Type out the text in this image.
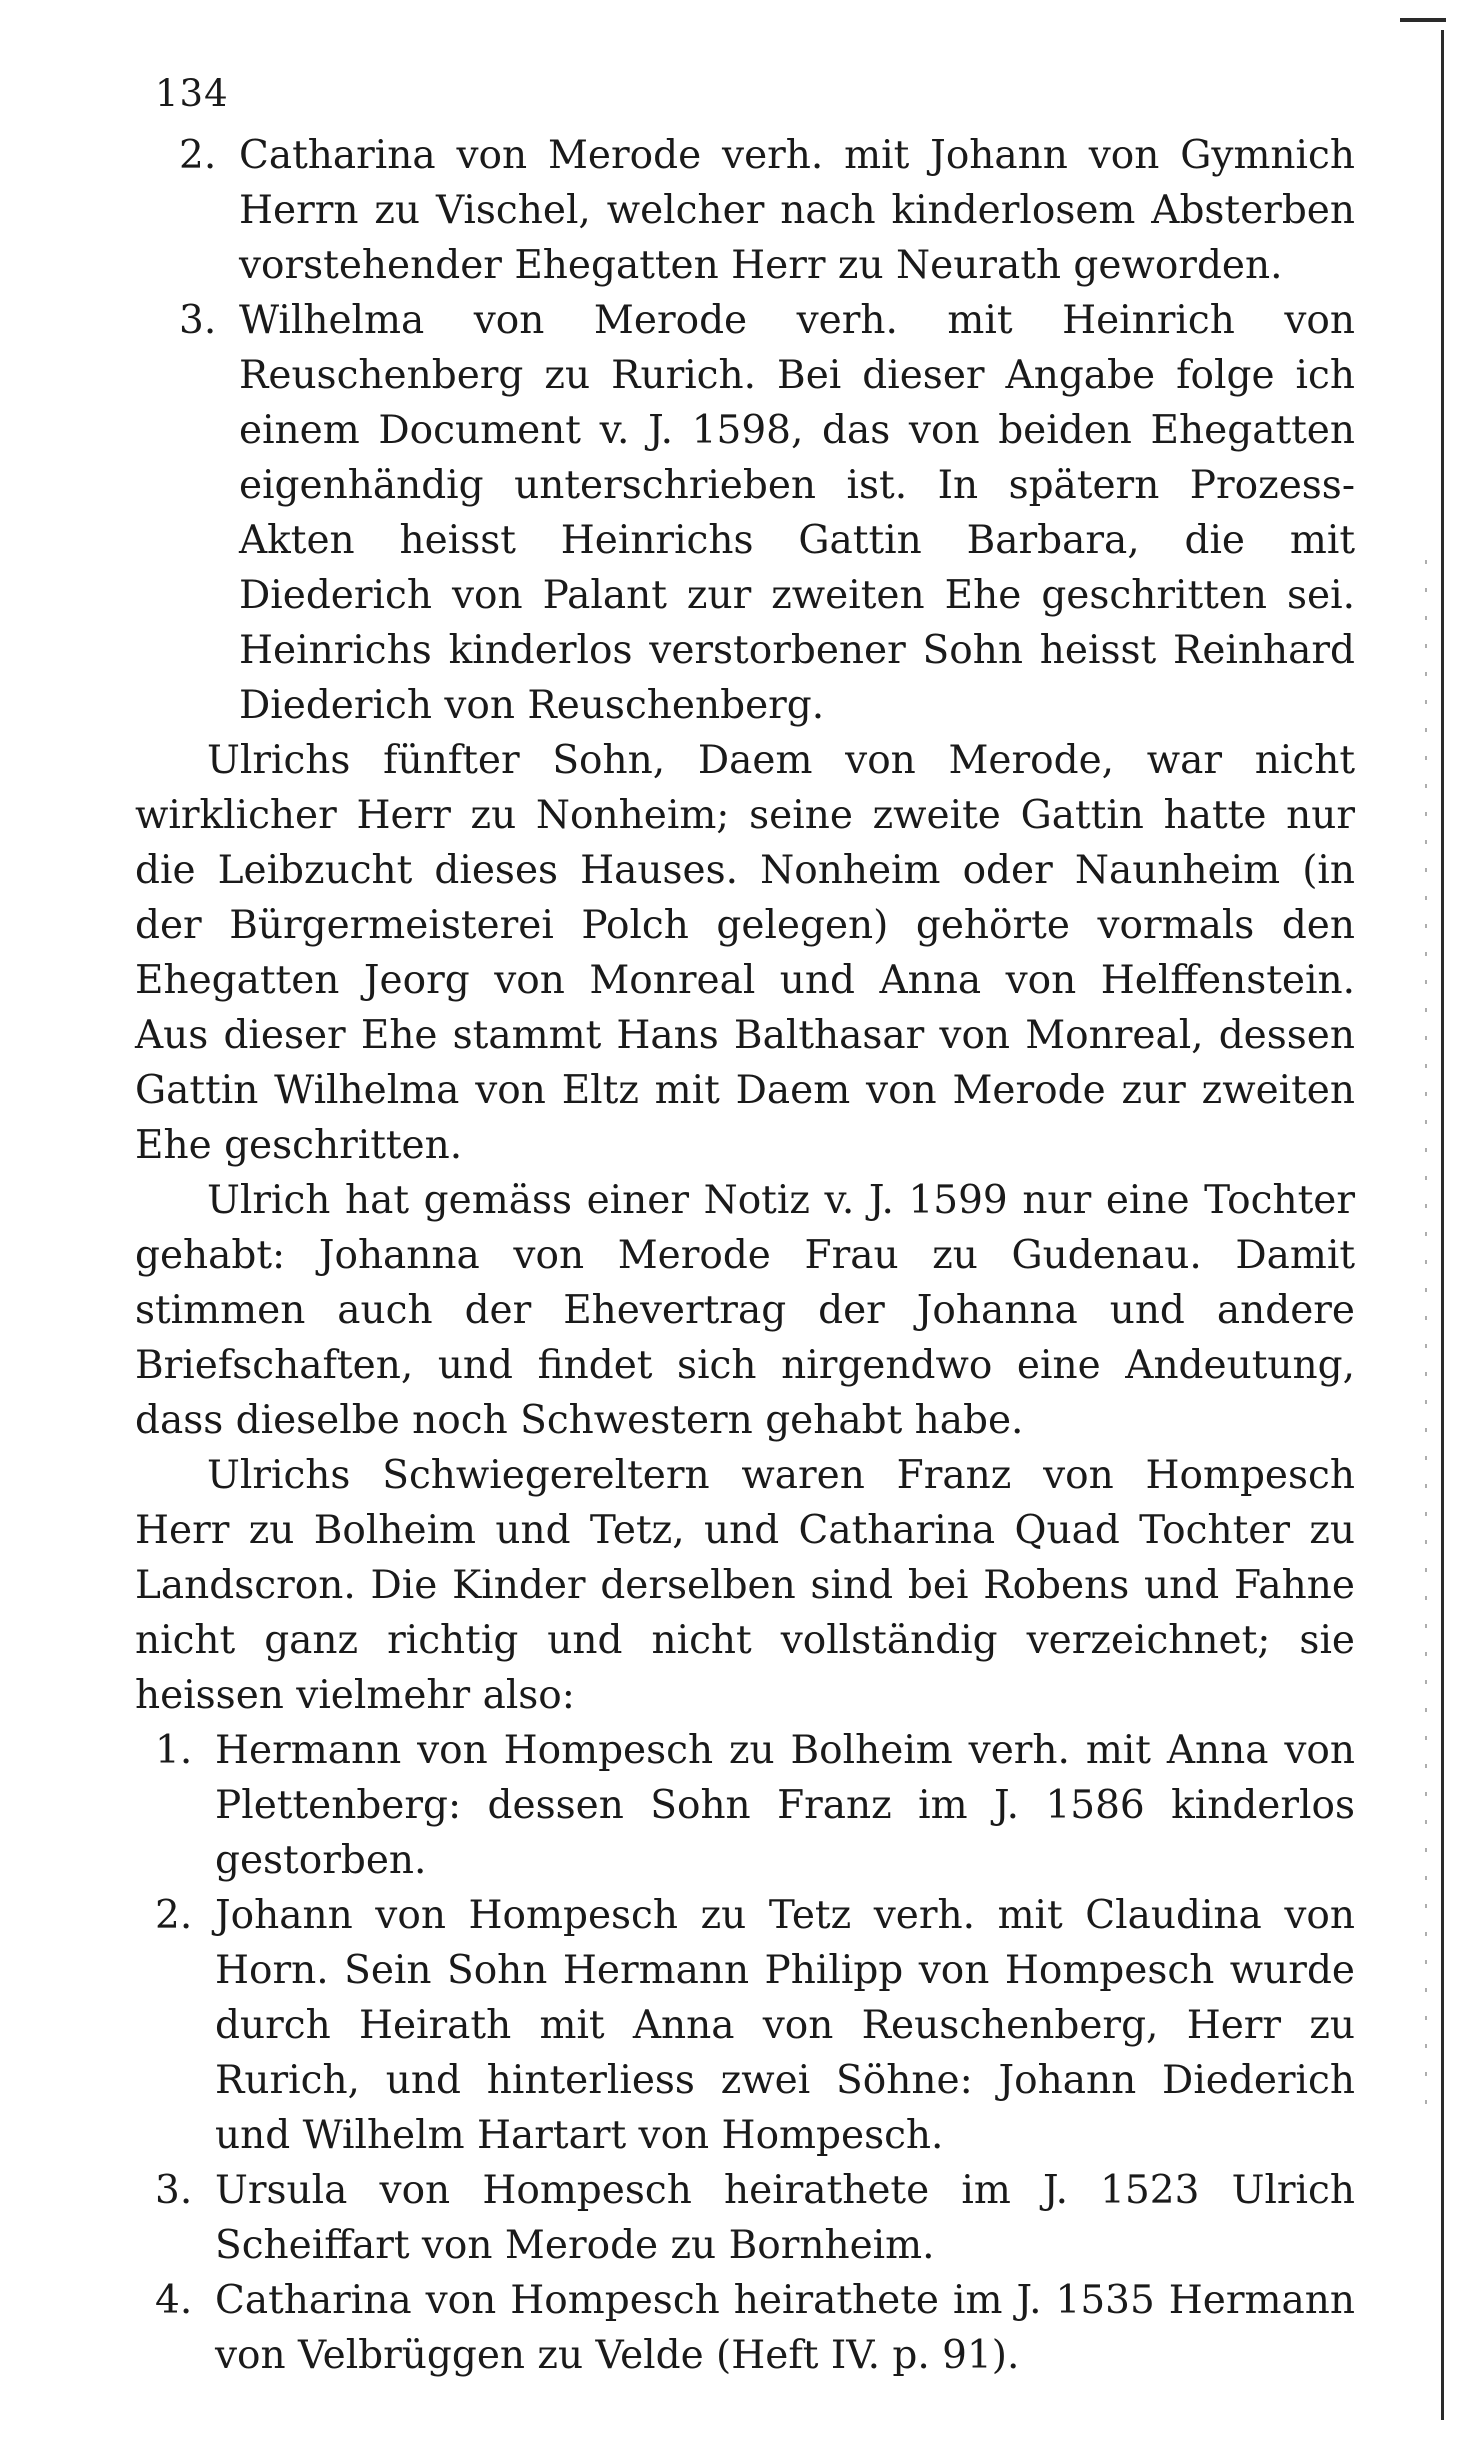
134

2. Catharina von Merode verh. mit Johann von Gymnich Herrn zu Vischel, welcher nach kinderlosem Absterben vorstehender Ehegatten Herr zu Neurath geworden.

3. Wilhelma von Merode verh. mit Heinrich von Reuschenberg zu Rurich. Bei dieser Angabe folge ich einem Document v. J. 1598, das von beiden Ehegatten eigenhändig unterschrieben ist. In spätern Prozess-Akten heisst Heinrichs Gattin Barbara, die mit Diederich von Palant zur zweiten Ehe geschritten sei. Heinrichs kinderlos verstorbener Sohn heisst Reinhard Diederich von Reuschenberg.

Ulrichs fünfter Sohn, Daem von Merode, war nicht wirklicher Herr zu Nonheim; seine zweite Gattin hatte nur die Leibzucht dieses Hauses. Nonheim oder Naunheim (in der Bürgermeisterei Polch gelegen) gehörte vormals den Ehegatten Jeorg von Monreal und Anna von Helffenstein. Aus dieser Ehe stammt Hans Balthasar von Monreal, dessen Gattin Wilhelma von Eltz mit Daem von Merode zur zweiten Ehe geschritten.

Ulrich hat gemäss einer Notiz v. J. 1599 nur eine Tochter gehabt: Johanna von Merode Frau zu Gudenau. Damit stimmen auch der Ehevertrag der Johanna und andere Briefschaften, und findet sich nirgendwo eine Andeutung, dass dieselbe noch Schwestern gehabt habe.

Ulrichs Schwiegereltern waren Franz von Hompesch Herr zu Bolheim und Tetz, und Catharina Quad Tochter zu Landscron. Die Kinder derselben sind bei Robens und Fahne nicht ganz richtig und nicht vollständig verzeichnet; sie heissen vielmehr also:

1. Hermann von Hompesch zu Bolheim verh. mit Anna von Plettenberg: dessen Sohn Franz im J. 1586 kinderlos gestorben.

2. Johann von Hompesch zu Tetz verh. mit Claudina von Horn. Sein Sohn Hermann Philipp von Hompesch wurde durch Heirath mit Anna von Reuschenberg, Herr zu Rurich, und hinterliess zwei Söhne: Johann Diederich und Wilhelm Hartart von Hompesch.

3. Ursula von Hompesch heirathete im J. 1523 Ulrich Scheiffart von Merode zu Bornheim.

4. Catharina von Hompesch heirathete im J. 1535 Hermann von Velbrüggen zu Velde (Heft IV. p. 91).
